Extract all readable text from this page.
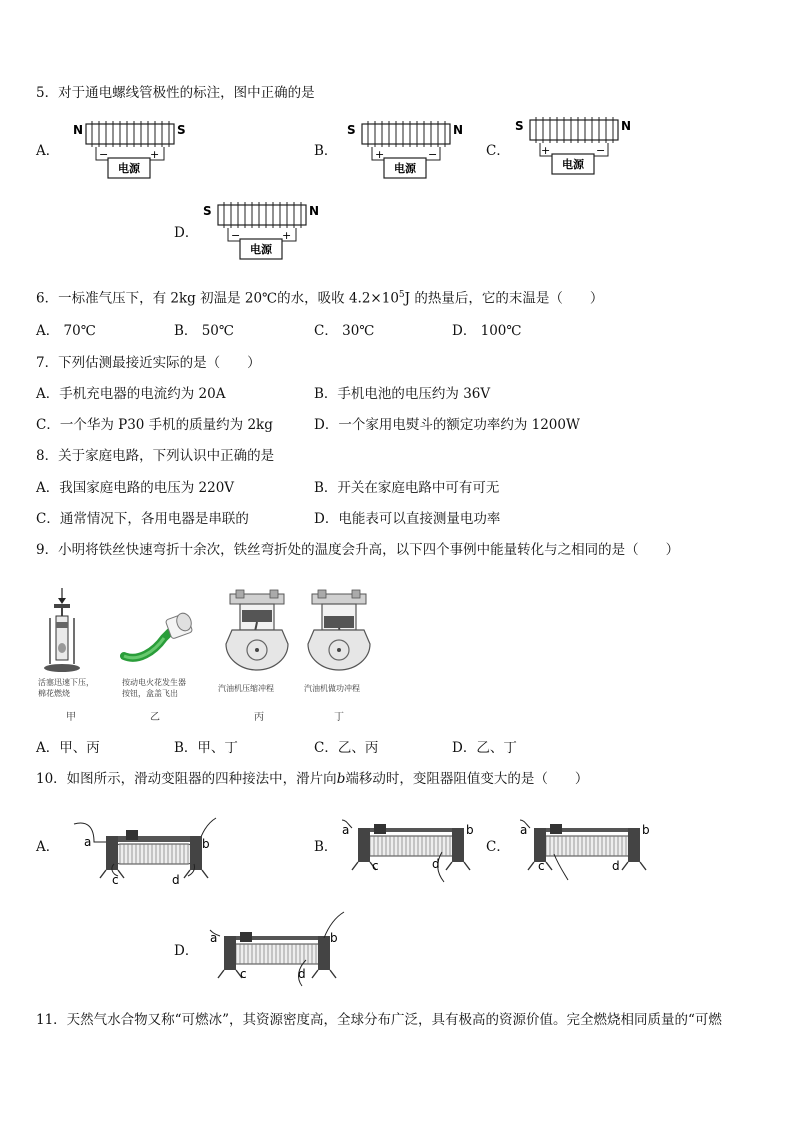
5．对于通电螺线管极性的标注，图中正确的是
A．
N	S
电源
−	+	B．
S	N
电源
+	−	C．
S	N
电源
+	−
D．
S	N
电源
−	+
6．一标准气压下，有 2kg 初温是 20℃的水，吸收 $4.2\times 10^5J$ 的热量后，它的末温是（　　）
A． 70℃	B． 50℃	C． 30℃	D． 100℃
7．下列估测最接近实际的是（　　）
A．手机充电器的电流约为 20A	B．手机电池的电压约为 36V
C．一个华为 P30 手机的质量约为 2kg	D．一个家用电熨斗的额定功率约为 1200W
8．关于家庭电路，下列认识中正确的是
A．我国家庭电路的电压为 220V	B．开关在家庭电路中可有可无
C．通常情况下，各用电器是串联的	D．电能表可以直接测量电功率
9．小明将铁丝快速弯折十余次，铁丝弯折处的温度会升高，以下四个事例中能量转化与之相同的是（　　）
活塞迅速下压，
棉花燃烧
甲
按动电火花发生器
按钮，盒盖飞出
乙
汽油机压缩冲程
丙
汽油机做功冲程
丁
A．甲、丙	B．甲、丁	C．乙、丙	D．乙、丁
10．如图所示，滑动变阻器的四种接法中，滑片向b端移动时，变阻器阻值变大的是（　　）
A． a	b
c	d
B．
a	b
c	d
C．
a	b
c	d
D．
a	b
c	d
11．天然气水合物又称“可燃冰”，其资源密度高，全球分布广泛，具有极高的资源价值。完全燃烧相同质量的“可燃
